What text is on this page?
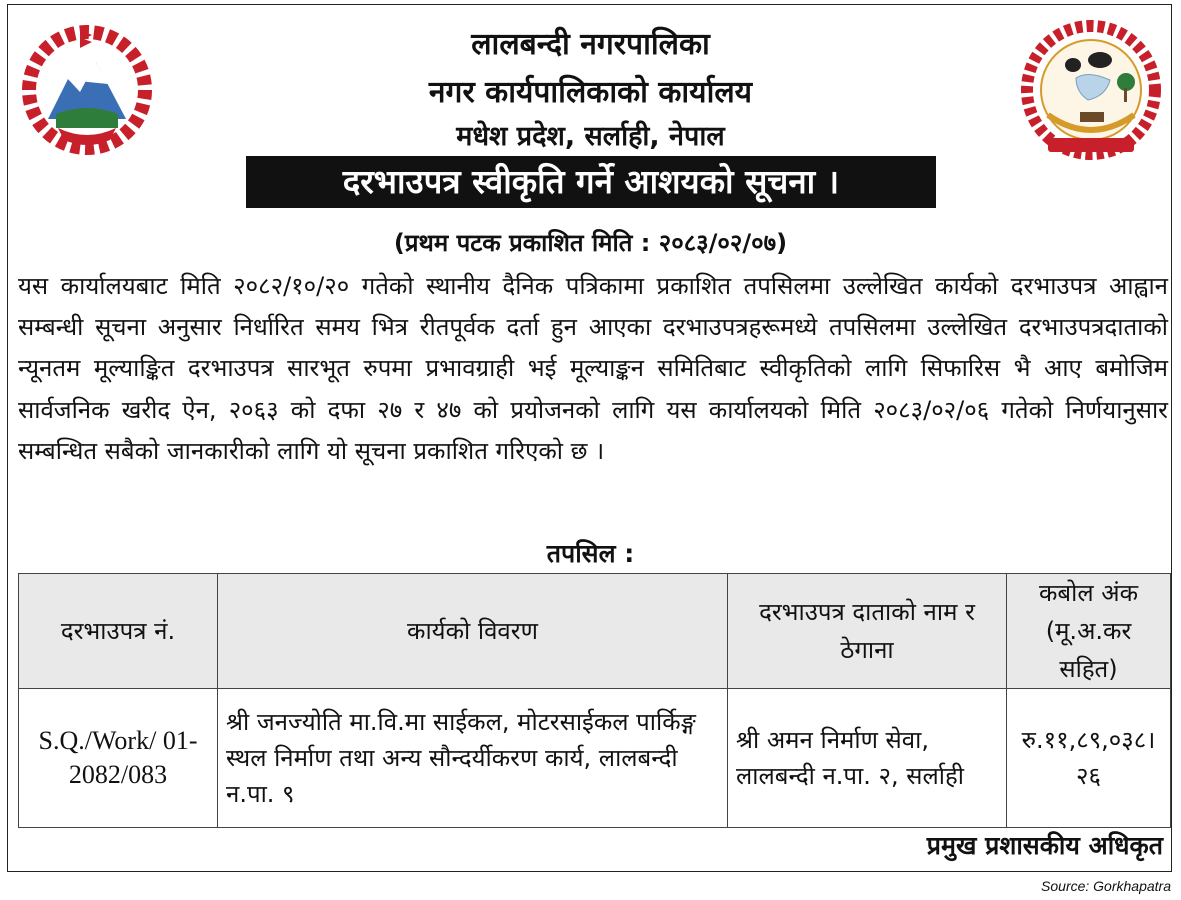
लालबन्दी नगरपालिका
नगर कार्यपालिकाको कार्यालय
मधेश प्रदेश, सर्लाही, नेपाल
दरभाउपत्र स्वीकृति गर्ने आशयको सूचना ।
(प्रथम पटक प्रकाशित मिति : २०८३/०२/०७)
यस कार्यालयबाट मिति २०८२/१०/२० गतेको स्थानीय दैनिक पत्रिकामा प्रकाशित तपसिलमा उल्लेखित कार्यको दरभाउपत्र आह्वान सम्बन्धी सूचना अनुसार निर्धारित समय भित्र रीतपूर्वक दर्ता हुन आएका दरभाउपत्रहरूमध्ये तपसिलमा उल्लेखित दरभाउपत्रदाताको न्यूनतम मूल्याङ्कित दरभाउपत्र सारभूत रुपमा प्रभावग्राही भई मूल्याङ्कन समितिबाट स्वीकृतिको लागि सिफारिस भै आए बमोजिम सार्वजनिक खरीद ऐन, २०६३ को दफा २७ र ४७ को प्रयोजनको लागि यस कार्यालयको मिति २०८३/०२/०६ गतेको निर्णयानुसार सम्बन्धित सबैको जानकारीको लागि यो सूचना प्रकाशित गरिएको छ ।
तपसिल :
दरभाउपत्र नं.	कार्यको विवरण	दरभाउपत्र दाताको नाम र ठेगाना	कबोल अंक (मू.अ.कर सहित)
S.Q./Work/ 01-2082/083	श्री जनज्योति मा.वि.मा साईकल, मोटरसाईकल पार्किङ्ग स्थल निर्माण तथा अन्य सौन्दर्यीकरण कार्य, लालबन्दी न.पा. ९	श्री अमन निर्माण सेवा, लालबन्दी न.पा. २, सर्लाही	रु.११,८९,०३८।२६
प्रमुख प्रशासकीय अधिकृत
Source: Gorkhapatra
